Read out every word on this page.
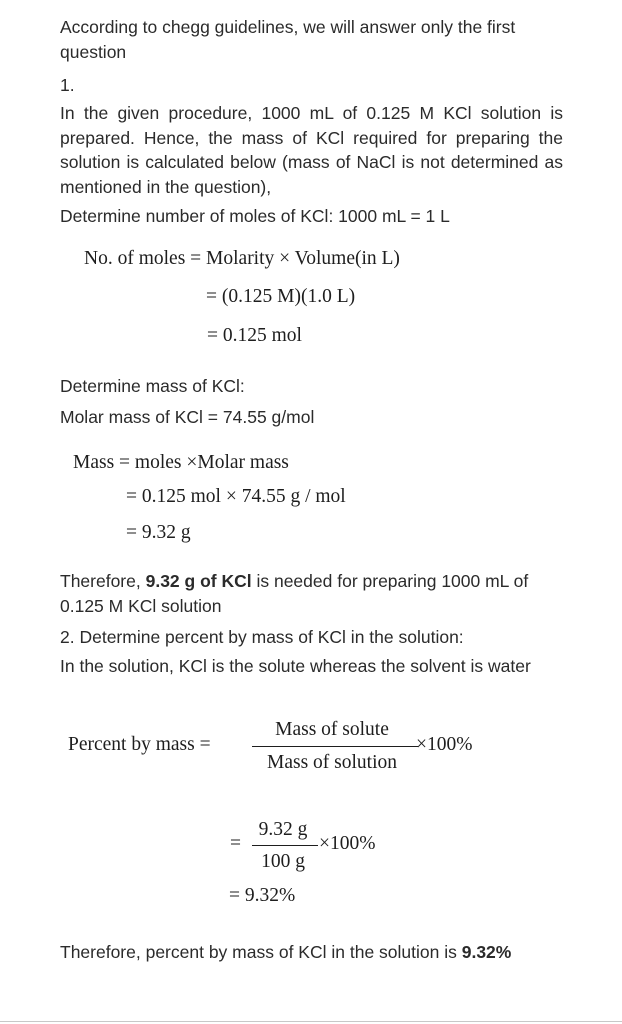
According to chegg guidelines, we will answer only the first question

1.

In the given procedure, 1000 mL of 0.125 M KCl solution is prepared. Hence, the mass of KCl required for preparing the solution is calculated below (mass of NaCl is not determined as mentioned in the question),

Determine number of moles of KCl: 1000 mL = 1 L

No. of moles = Molarity × Volume(in L)
= (0.125 M)(1.0 L)
= 0.125 mol

Determine mass of KCl:

Molar mass of KCl = 74.55 g/mol

Mass = moles ×Molar mass
= 0.125 mol × 74.55 g / mol
= 9.32 g

Therefore, 9.32 g of KCl is needed for preparing 1000 mL of 0.125 M KCl solution

2. Determine percent by mass of KCl in the solution:

In the solution, KCl is the solute whereas the solvent is water

Percent by mass =
Mass of solute
Mass of solution
×100%
=
9.32 g
100 g
×100%
= 9.32%

Therefore, percent by mass of KCl in the solution is 9.32%
